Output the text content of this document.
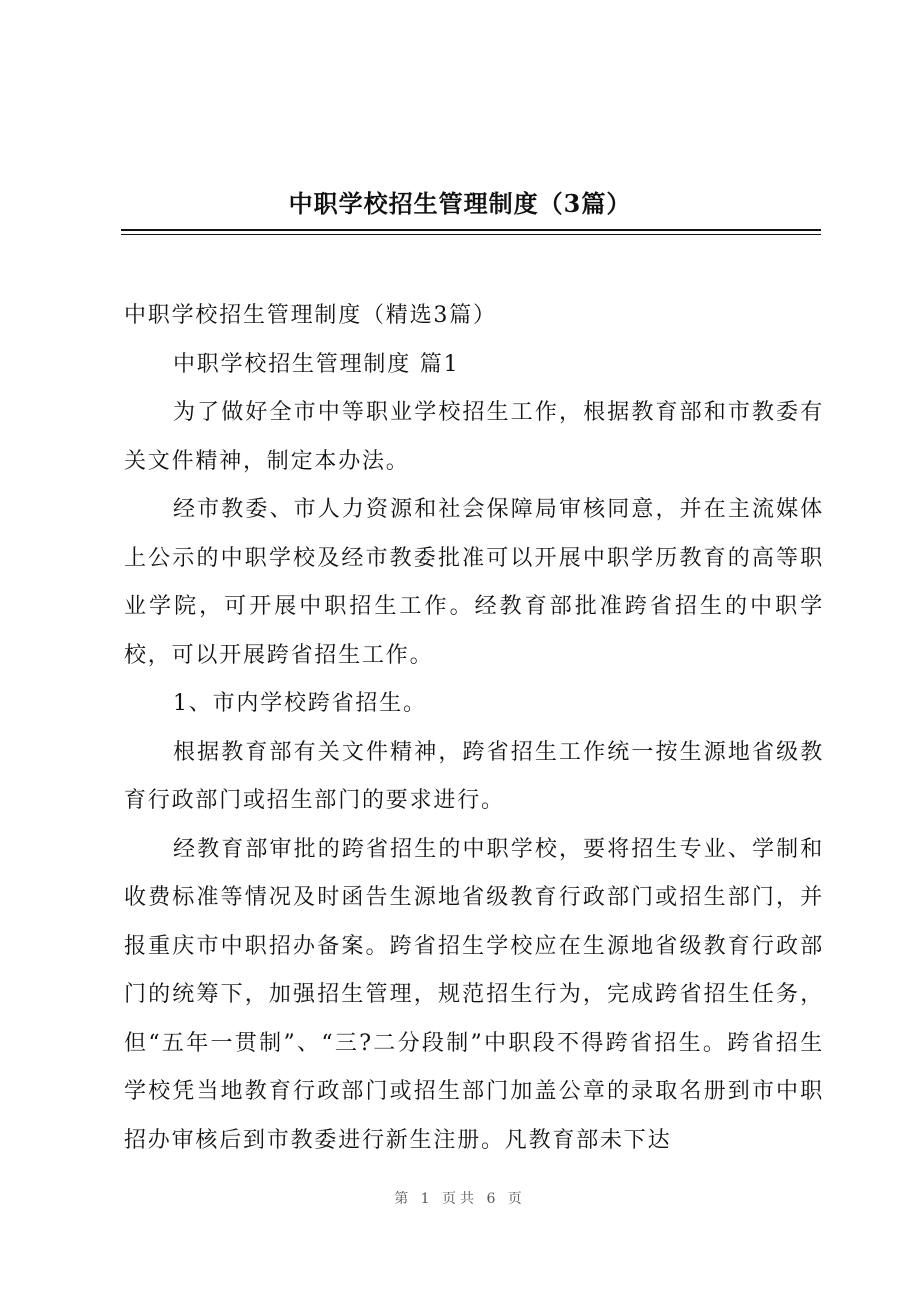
中职学校招生管理制度（3篇）

中职学校招生管理制度（精选3篇）

中职学校招生管理制度 篇1

为了做好全市中等职业学校招生工作，根据教育部和市教委有关文件精神，制定本办法。

经市教委、市人力资源和社会保障局审核同意，并在主流媒体上公示的中职学校及经市教委批准可以开展中职学历教育的高等职业学院，可开展中职招生工作。经教育部批准跨省招生的中职学校，可以开展跨省招生工作。

1、市内学校跨省招生。

根据教育部有关文件精神，跨省招生工作统一按生源地省级教育行政部门或招生部门的要求进行。

经教育部审批的跨省招生的中职学校，要将招生专业、学制和收费标准等情况及时函告生源地省级教育行政部门或招生部门，并报重庆市中职招办备案。跨省招生学校应在生源地省级教育行政部门的统筹下，加强招生管理，规范招生行为，完成跨省招生任务，但“五年一贯制”、“三?二分段制”中职段不得跨省招生。跨省招生学校凭当地教育行政部门或招生部门加盖公章的录取名册到市中职招办审核后到市教委进行新生注册。凡教育部未下达

第 1 页共 6 页
